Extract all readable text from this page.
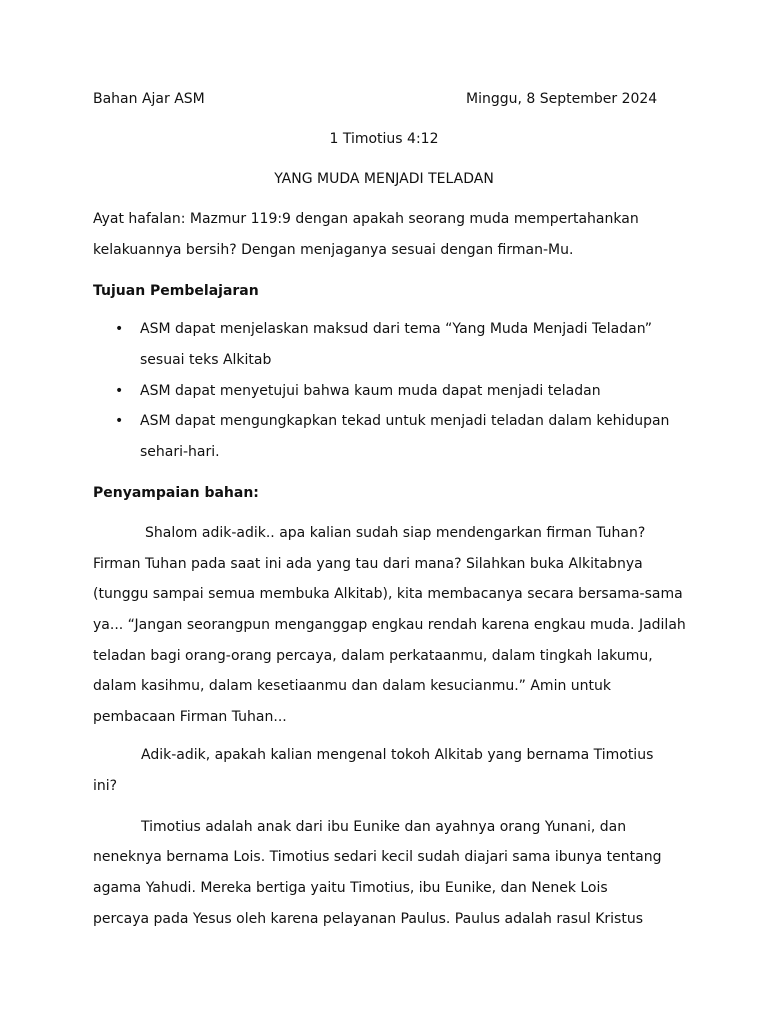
Bahan Ajar ASM	Minggu, 8 September 2024
1 Timotius 4:12
YANG MUDA MENJADI TELADAN
Ayat hafalan: Mazmur 119:9 dengan apakah seorang muda mempertahankan
kelakuannya bersih? Dengan menjaganya sesuai dengan firman-Mu.
Tujuan Pembelajaran
• ASM dapat menjelaskan maksud dari tema “Yang Muda Menjadi Teladan”
sesuai teks Alkitab
• ASM dapat menyetujui bahwa kaum muda dapat menjadi teladan
• ASM dapat mengungkapkan tekad untuk menjadi teladan dalam kehidupan
sehari-hari.
Penyampaian bahan:
Shalom adik-adik.. apa kalian sudah siap mendengarkan firman Tuhan?
Firman Tuhan pada saat ini ada yang tau dari mana? Silahkan buka Alkitabnya
(tunggu sampai semua membuka Alkitab), kita membacanya secara bersama-sama
ya... “Jangan seorangpun menganggap engkau rendah karena engkau muda. Jadilah
teladan bagi orang-orang percaya, dalam perkataanmu, dalam tingkah lakumu,
dalam kasihmu, dalam kesetiaanmu dan dalam kesucianmu.” Amin untuk
pembacaan Firman Tuhan...
Adik-adik, apakah kalian mengenal tokoh Alkitab yang bernama Timotius
ini?
Timotius adalah anak dari ibu Eunike dan ayahnya orang Yunani, dan
neneknya bernama Lois. Timotius sedari kecil sudah diajari sama ibunya tentang
agama Yahudi. Mereka bertiga yaitu Timotius, ibu Eunike, dan Nenek Lois
percaya pada Yesus oleh karena pelayanan Paulus. Paulus adalah rasul Kristus
